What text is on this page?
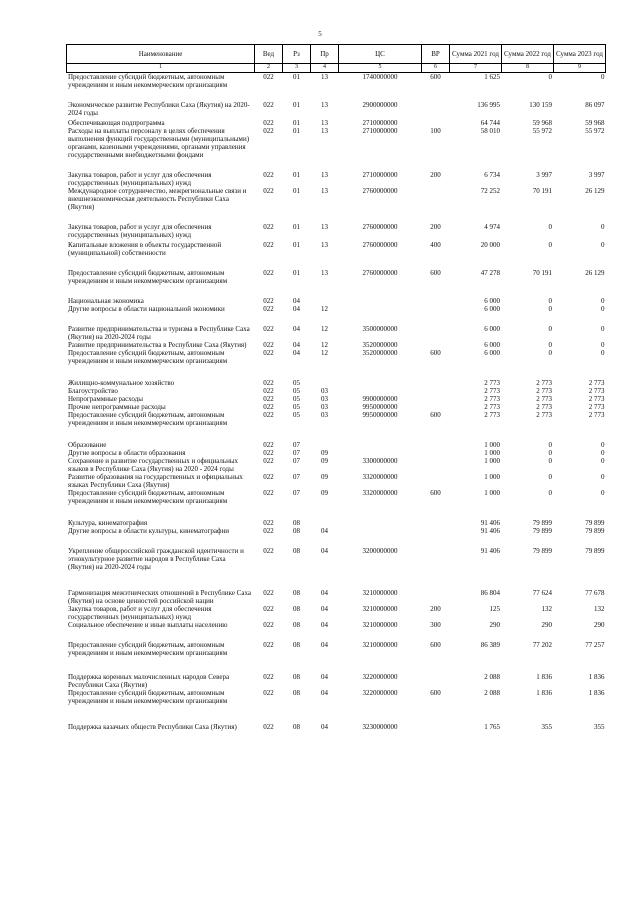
5
Наименование	Вед	Рз	Пр	ЦС	ВР	Сумма 2021 год	Сумма 2022 год	Сумма 2023 год
1	2	3	4	5	6	7	8	9
Предоставление субсидий бюджетным, автономным учреждениям и иным некоммерческим организациям	022	01	13	1740000000	600	1 625	0	0
Экономическое развитие Республики Саха (Якутия) на 2020-2024 годы	022	01	13	2900000000		136 995	130 159	86 097
Обеспечивающая подпрограмма	022	01	13	2710000000		64 744	59 968	59 968
Расходы на выплаты персоналу в целях обеспечения выполнения функций государственными (муниципальными) органами, казенными учреждениями, органами управления государственными внебюджетными фондами	022	01	13	2710000000	100	58 010	55 972	55 972
Закупка товаров, работ и услуг для обеспечения государственных (муниципальных) нужд	022	01	13	2710000000	200	6 734	3 997	3 997
Международное сотрудничество, межрегиональные связи и внешнеэкономическая деятельность Республики Саха (Якутия)	022	01	13	2760000000		72 252	70 191	26 129
Закупка товаров, работ и услуг для обеспечения государственных (муниципальных) нужд	022	01	13	2760000000	200	4 974	0	0
Капитальные вложения в объекты государственной (муниципальной) собственности	022	01	13	2760000000	400	20 000	0	0
Предоставление субсидий бюджетным, автономным учреждениям и иным некоммерческим организациям	022	01	13	2760000000	600	47 278	70 191	26 129
Национальная экономика	022	04				6 000	0	0
Другие вопросы в области национальной экономики	022	04	12			6 000	0	0
Развитие предпринимательства и туризма в Республике Саха (Якутия) на 2020-2024 годы	022	04	12	3500000000		6 000	0	0
Развитие предпринимательства в Республике Саха (Якутия)	022	04	12	3520000000		6 000	0	0
Предоставление субсидий бюджетным, автономным учреждениям и иным некоммерческим организациям	022	04	12	3520000000	600	6 000	0	0
Жилищно-коммунальное хозяйство	022	05				2 773	2 773	2 773
Благоустройство	022	05	03			2 773	2 773	2 773
Непрограммные расходы	022	05	03	9900000000		2 773	2 773	2 773
Прочие непрограммные расходы	022	05	03	9950000000		2 773	2 773	2 773
Предоставление субсидий бюджетным, автономным учреждениям и иным некоммерческим организациям	022	05	03	9950000000	600	2 773	2 773	2 773
Образование	022	07				1 000	0	0
Другие вопросы в области образования	022	07	09			1 000	0	0
Сохранение и развитие государственных и официальных языков в Республике Саха (Якутия) на 2020 - 2024 годы	022	07	09	3300000000		1 000	0	0
Развитие образования на государственных и официальных языках Республики Саха (Якутия)	022	07	09	3320000000		1 000	0	0
Предоставление субсидий бюджетным, автономным учреждениям и иным некоммерческим организациям	022	07	09	3320000000	600	1 000	0	0
Культура, кинематография	022	08				91 406	79 899	79 899
Другие вопросы в области культуры, кинематографии	022	08	04			91 406	79 899	79 899
Укрепление общероссийской гражданской идентичности и этнокультурное развитие народов в Республике Саха (Якутия) на 2020-2024 годы	022	08	04	3200000000		91 406	79 899	79 899
Гармонизация межэтнических отношений в Республике Саха (Якутия) на основе ценностей российской нации	022	08	04	3210000000		86 804	77 624	77 678
Закупка товаров, работ и услуг для обеспечения государственных (муниципальных) нужд	022	08	04	3210000000	200	125	132	132
Социальное обеспечение и иные выплаты населению	022	08	04	3210000000	300	290	290	290
Предоставление субсидий бюджетным, автономным учреждениям и иным некоммерческим организациям	022	08	04	3210000000	600	86 389	77 202	77 257
Поддержка коренных малочисленных народов Севера Республики Саха (Якутия)	022	08	04	3220000000		2 088	1 836	1 836
Предоставление субсидий бюджетным, автономным учреждениям и иным некоммерческим организациям	022	08	04	3220000000	600	2 088	1 836	1 836
Поддержка казачьих обществ Республики Саха (Якутия)	022	08	04	3230000000		1 765	355	355
